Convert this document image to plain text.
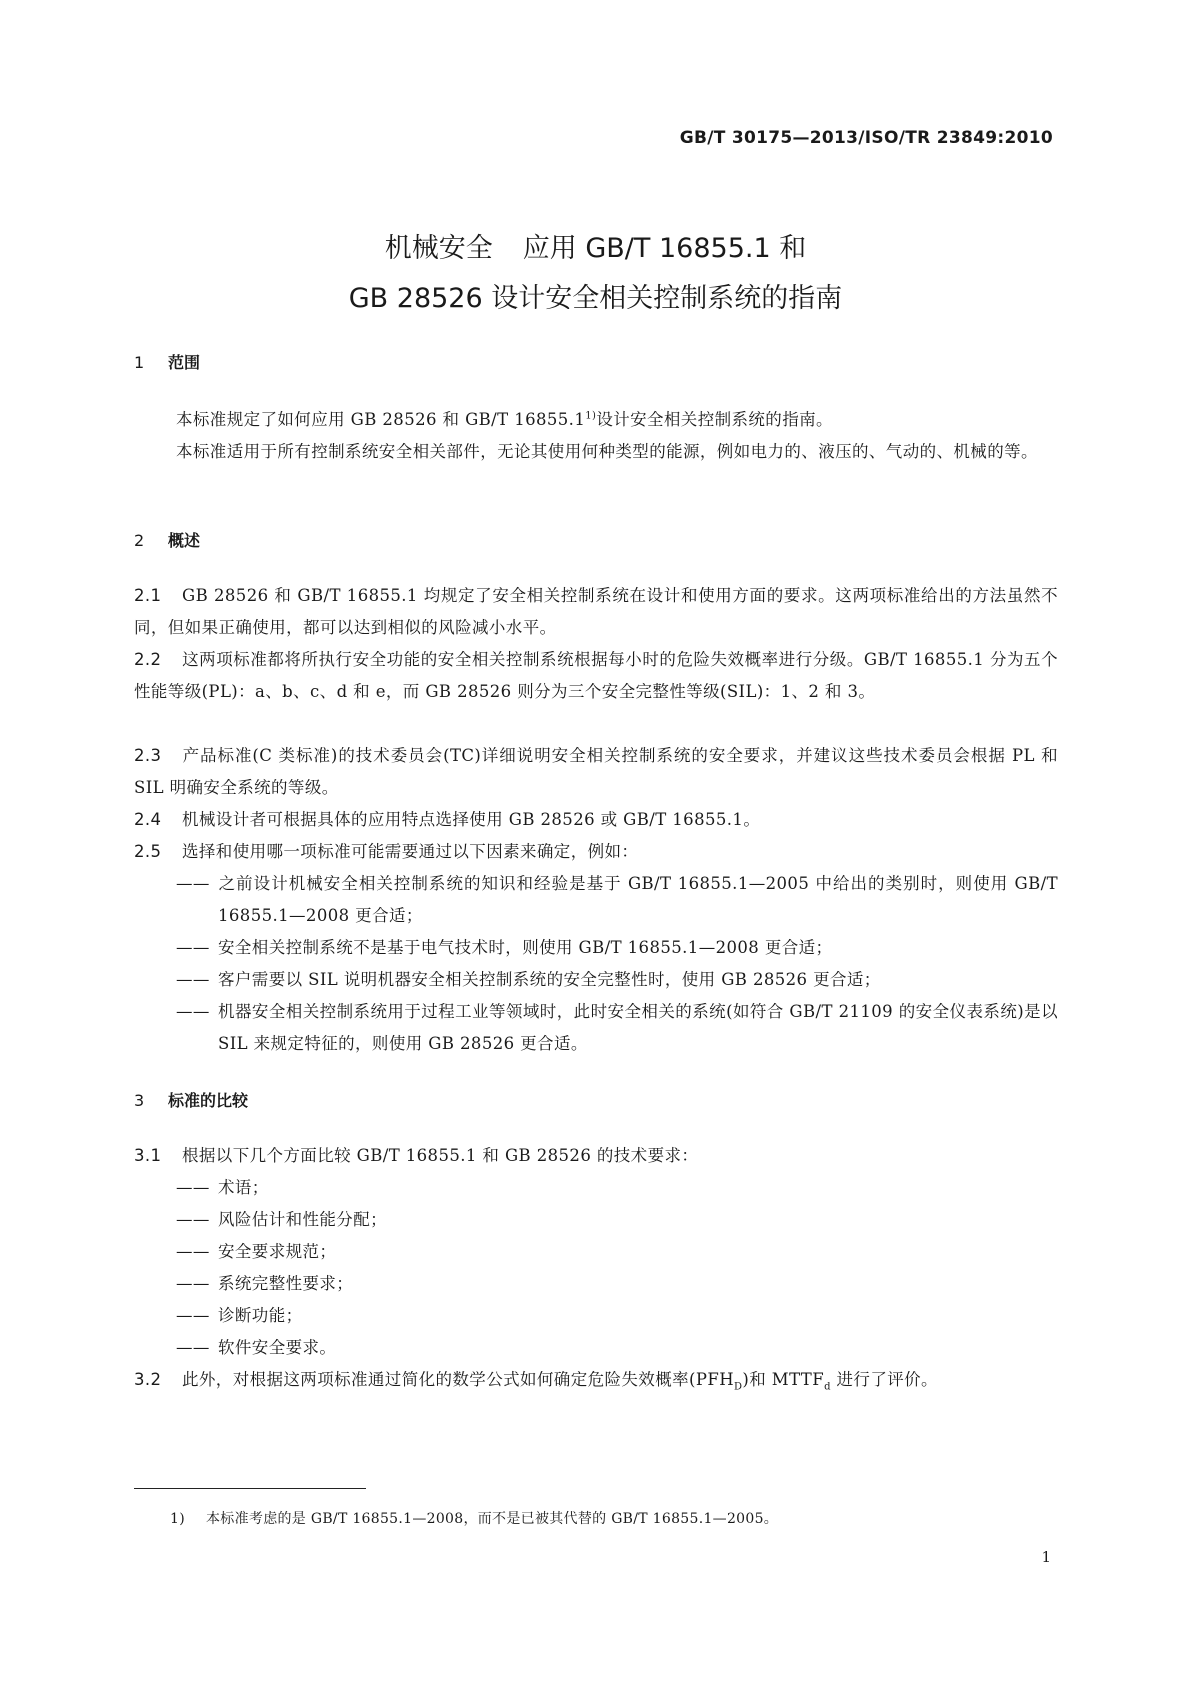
GB/T 30175—2013/ISO/TR 23849:2010
机械安全 应用 GB/T 16855.1 和
GB 28526 设计安全相关控制系统的指南
1 范围
本标准规定了如何应用 GB 28526 和 GB/T 16855.1$^{1)}$设计安全相关控制系统的指南。
本标准适用于所有控制系统安全相关部件，无论其使用何种类型的能源，例如电力的、液压的、气动的、机械的等。
2 概述
2.1 GB 28526 和 GB/T 16855.1 均规定了安全相关控制系统在设计和使用方面的要求。这两项标准给出的方法虽然不同，但如果正确使用，都可以达到相似的风险减小水平。
2.2 这两项标准都将所执行安全功能的安全相关控制系统根据每小时的危险失效概率进行分级。GB/T 16855.1 分为五个性能等级(PL)：a、b、c、d 和 e，而 GB 28526 则分为三个安全完整性等级(SIL)：1、2 和 3。
2.3 产品标准(C 类标准)的技术委员会(TC)详细说明安全相关控制系统的安全要求，并建议这些技术委员会根据 PL 和 SIL 明确安全系统的等级。
2.4 机械设计者可根据具体的应用特点选择使用 GB 28526 或 GB/T 16855.1。
2.5 选择和使用哪一项标准可能需要通过以下因素来确定，例如：
—— 之前设计机械安全相关控制系统的知识和经验是基于 GB/T 16855.1—2005 中给出的类别时，则使用 GB/T 16855.1—2008 更合适；
—— 安全相关控制系统不是基于电气技术时，则使用 GB/T 16855.1—2008 更合适；
—— 客户需要以 SIL 说明机器安全相关控制系统的安全完整性时，使用 GB 28526 更合适；
—— 机器安全相关控制系统用于过程工业等领域时，此时安全相关的系统(如符合 GB/T 21109 的安全仪表系统)是以 SIL 来规定特征的，则使用 GB 28526 更合适。
3 标准的比较
3.1 根据以下几个方面比较 GB/T 16855.1 和 GB 28526 的技术要求：
—— 术语；
—— 风险估计和性能分配；
—— 安全要求规范；
—— 系统完整性要求；
—— 诊断功能；
—— 软件安全要求。
3.2 此外，对根据这两项标准通过简化的数学公式如何确定危险失效概率$(PFH_D)$和 $MTTF_d$ 进行了评价。
1) 本标准考虑的是 GB/T 16855.1—2008，而不是已被其代替的 GB/T 16855.1—2005。
1
